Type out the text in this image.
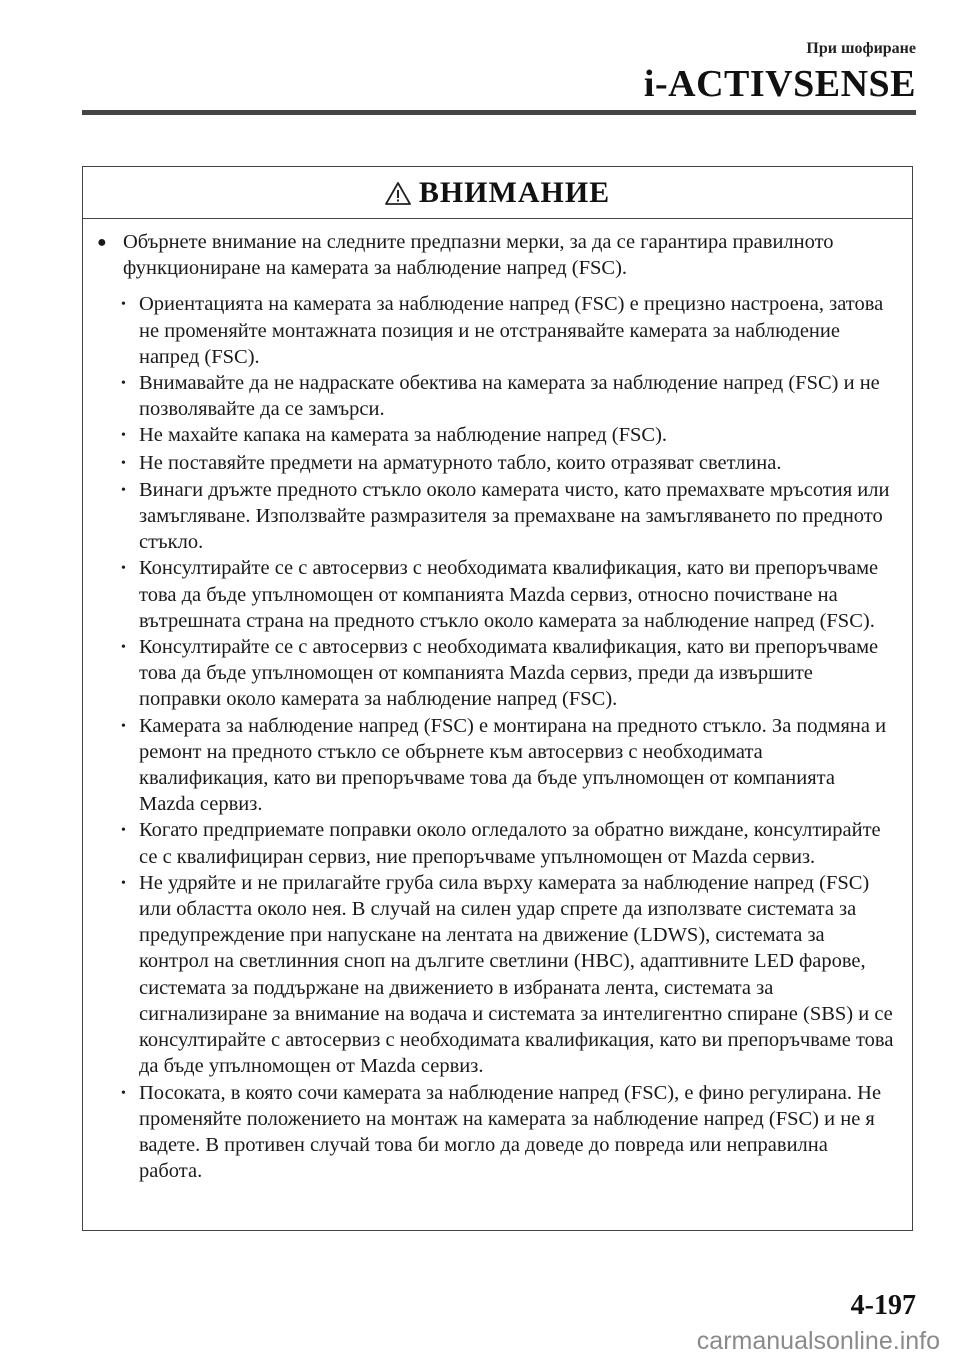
При шофиране
i-ACTIVSENSE
ВНИМАНИЕ
● Обърнете внимание на следните предпазни мерки, за да се гарантира правилното функциониране на камерата за наблюдение напред (FSC).
• Ориентацията на камерата за наблюдение напред (FSC) е прецизно настроена, затова не променяйте монтажната позиция и не отстранявайте камерата за наблюдение напред (FSC).
• Внимавайте да не надраскате обектива на камерата за наблюдение напред (FSC) и не позволявайте да се замърси.
• Не махайте капака на камерата за наблюдение напред (FSC).
• Не поставяйте предмети на арматурното табло, които отразяват светлина.
• Винаги дръжте предното стъкло около камерата чисто, като премахвате мръсотия или замъгляване. Използвайте размразителя за премахване на замъгляването по предното стъкло.
• Консултирайте се с автосервиз с необходимата квалификация, като ви препоръчваме това да бъде упълномощен от компанията Mazda сервиз, относно почистване на вътрешната страна на предното стъкло около камерата за наблюдение напред (FSC).
• Консултирайте се с автосервиз с необходимата квалификация, като ви препоръчваме това да бъде упълномощен от компанията Mazda сервиз, преди да извършите поправки около камерата за наблюдение напред (FSC).
• Камерата за наблюдение напред (FSC) е монтирана на предното стъкло. За подмяна и ремонт на предното стъкло се обърнете към автосервиз с необходимата квалификация, като ви препоръчваме това да бъде упълномощен от компанията Mazda сервиз.
• Когато предприемате поправки около огледалото за обратно виждане, консултирайте се с квалифициран сервиз, ние препоръчваме упълномощен от Mazda сервиз.
• Не удряйте и не прилагайте груба сила върху камерата за наблюдение напред (FSC) или областта около нея. В случай на силен удар спрете да използвате системата за предупреждение при напускане на лентата на движение (LDWS), системата за контрол на светлинния сноп на дългите светлини (HBC), адаптивните LED фарове, системата за поддържане на движението в избраната лента, системата за сигнализиране за внимание на водача и системата за интелигентно спиране (SBS) и се консултирайте с автосервиз с необходимата квалификация, като ви препоръчваме това да бъде упълномощен от Mazda сервиз.
• Посоката, в която сочи камерата за наблюдение напред (FSC), е фино регулирана. Не променяйте положението на монтаж на камерата за наблюдение напред (FSC) и не я вадете. В противен случай това би могло да доведе до повреда или неправилна работа.
4-197
carmanualsonline.info
